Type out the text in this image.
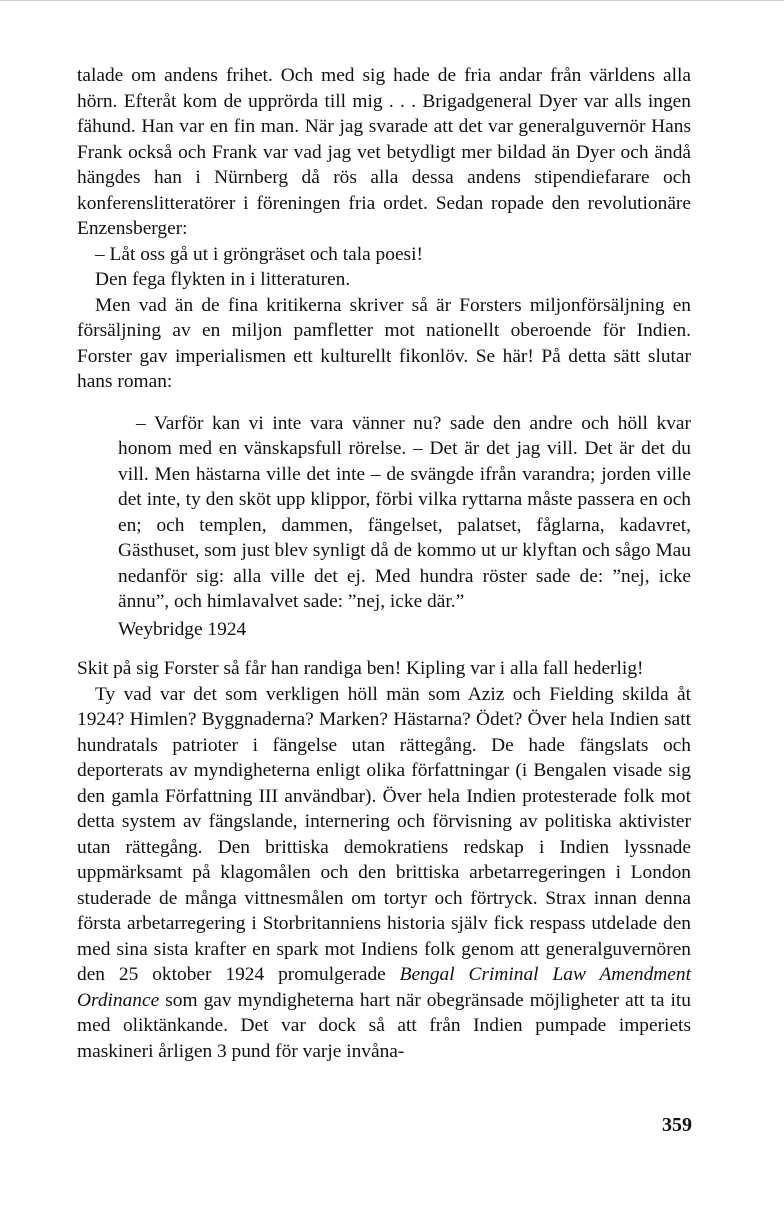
talade om andens frihet. Och med sig hade de fria andar från världens alla hörn. Efteråt kom de upprörda till mig . . . Brigadgeneral Dyer var alls ingen fähund. Han var en fin man. När jag svarade att det var generalguvernör Hans Frank också och Frank var vad jag vet betydligt mer bildad än Dyer och ändå hängdes han i Nürnberg då rös alla dessa andens stipendiefarare och konferenslitteratörer i föreningen fria ordet. Sedan ropade den revolutionäre Enzensberger:

– Låt oss gå ut i gröngräset och tala poesi!

Den fega flykten in i litteraturen.

Men vad än de fina kritikerna skriver så är Forsters miljonförsäljning en försäljning av en miljon pamfletter mot nationellt oberoende för Indien. Forster gav imperialismen ett kulturellt fikonlöv. Se här! På detta sätt slutar hans roman:

– Varför kan vi inte vara vänner nu? sade den andre och höll kvar honom med en vänskapsfull rörelse. – Det är det jag vill. Det är det du vill. Men hästarna ville det inte – de svängde ifrån varandra; jorden ville det inte, ty den sköt upp klippor, förbi vilka ryttarna måste passera en och en; och templen, dammen, fängelset, palatset, fåglarna, kadavret, Gästhuset, som just blev synligt då de kommo ut ur klyftan och sågo Mau nedanför sig: alla ville det ej. Med hundra röster sade de: ”nej, icke ännu”, och himlavalvet sade: ”nej, icke där.”

Weybridge 1924

Skit på sig Forster så får han randiga ben! Kipling var i alla fall hederlig!

Ty vad var det som verkligen höll män som Aziz och Fielding skilda åt 1924? Himlen? Byggnaderna? Marken? Hästarna? Ödet? Över hela Indien satt hundratals patrioter i fängelse utan rättegång. De hade fängslats och deporterats av myndigheterna enligt olika författningar (i Bengalen visade sig den gamla Författning III användbar). Över hela Indien protesterade folk mot detta system av fängslande, internering och förvisning av politiska aktivister utan rättegång. Den brittiska demokratiens redskap i Indien lyssnade uppmärksamt på klagomålen och den brittiska arbetarregeringen i London studerade de många vittnesmålen om tortyr och förtryck. Strax innan denna första arbetarregering i Storbritanniens historia själv fick respass utdelade den med sina sista krafter en spark mot Indiens folk genom att generalguvernören den 25 oktober 1924 promulgerade Bengal Criminal Law Amendment Ordinance som gav myndigheterna hart när obegränsade möjligheter att ta itu med oliktänkande. Det var dock så att från Indien pumpade imperiets maskineri årligen 3 pund för varje invåna-

359
